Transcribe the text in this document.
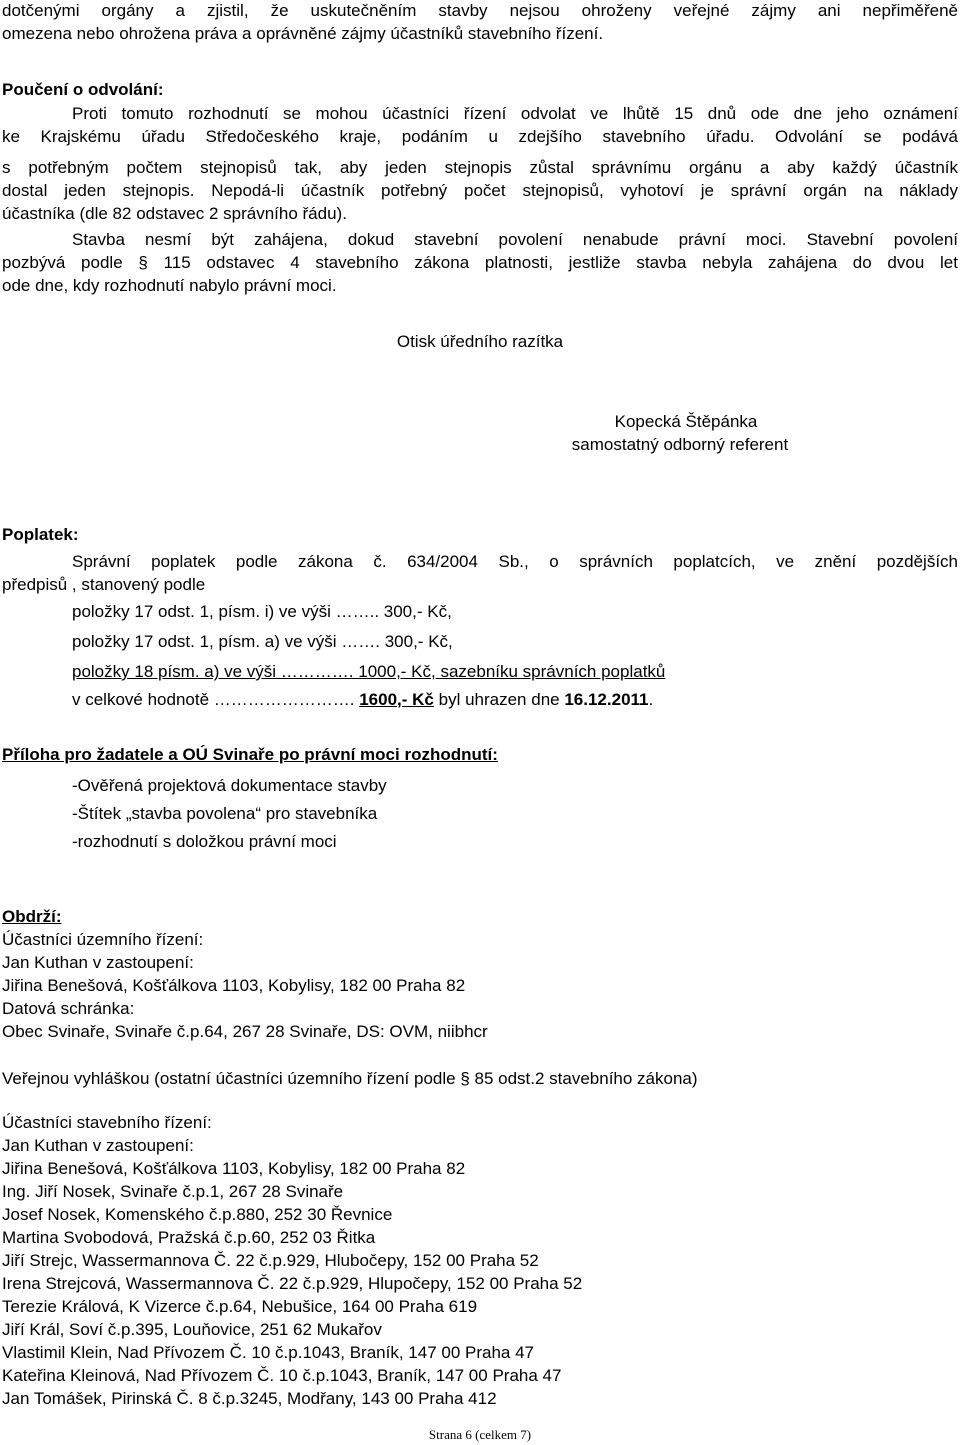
dotčenými orgány a zjistil, že uskutečněním stavby nejsou ohroženy veřejné zájmy ani nepřiměřeně
omezena nebo ohrožena práva a oprávněné zájmy účastníků stavebního řízení.
Poučení o odvolání:
Proti tomuto rozhodnutí se mohou účastníci řízení odvolat ve lhůtě 15 dnů ode dne jeho oznámení
ke Krajskému úřadu Středočeského kraje, podáním u zdejšího stavebního úřadu. Odvolání se podává
s potřebným počtem stejnopisů tak, aby jeden stejnopis zůstal správnímu orgánu a aby každý účastník
dostal jeden stejnopis. Nepodá-li účastník potřebný počet stejnopisů, vyhotoví je správní orgán na náklady
účastníka (dle 82 odstavec 2 správního řádu).
Stavba nesmí být zahájena, dokud stavební povolení nenabude právní moci. Stavební povolení
pozbývá podle § 115 odstavec 4 stavebního zákona platnosti, jestliže stavba nebyla zahájena do dvou let
ode dne, kdy rozhodnutí nabylo právní moci.
Otisk úředního razítka
Kopecká Štěpánka
samostatný odborný referent
Poplatek:
Správní poplatek podle zákona č. 634/2004 Sb., o správních poplatcích, ve znění pozdějších
předpisů , stanovený podle
položky 17 odst. 1, písm. i) ve výši …….. 300,- Kč,
položky 17 odst. 1, písm. a) ve výši ……. 300,- Kč,
položky 18 písm. a) ve výši …………. 1000,- Kč, sazebníku správních poplatků
v celkové hodnotě ……………………. 1600,- Kč byl uhrazen dne 16.12.2011.
Příloha pro žadatele a OÚ Svinaře po právní moci rozhodnutí:
-Ověřená projektová dokumentace stavby
-Štítek „stavba povolena“ pro stavebníka
-rozhodnutí s doložkou právní moci
Obdrží:
Účastníci územního řízení:
Jan Kuthan v zastoupení:
Jiřina Benešová, Košťálkova 1103, Kobylisy, 182 00 Praha 82
Datová schránka:
Obec Svinaře, Svinaře č.p.64, 267 28 Svinaře, DS: OVM, niibhcr
Veřejnou vyhláškou (ostatní účastníci územního řízení podle § 85 odst.2 stavebního zákona)
Účastníci stavebního řízení:
Jan Kuthan v zastoupení:
Jiřina Benešová, Košťálkova 1103, Kobylisy, 182 00 Praha 82
Ing. Jiří Nosek, Svinaře č.p.1, 267 28 Svinaře
Josef Nosek, Komenského č.p.880, 252 30 Řevnice
Martina Svobodová, Pražská č.p.60, 252 03 Řitka
Jiří Strejc, Wassermannova Č. 22 č.p.929, Hlubočepy, 152 00 Praha 52
Irena Strejcová, Wassermannova Č. 22 č.p.929, Hlupočepy, 152 00 Praha 52
Terezie Králová, K Vizerce č.p.64, Nebušice, 164 00 Praha 619
Jiří Král, Soví č.p.395, Louňovice, 251 62 Mukařov
Vlastimil Klein, Nad Přívozem Č. 10 č.p.1043, Braník, 147 00 Praha 47
Kateřina Kleinová, Nad Přívozem Č. 10 č.p.1043, Braník, 147 00 Praha 47
Jan Tomášek, Pirinská Č. 8 č.p.3245, Modřany, 143 00 Praha 412
Strana 6 (celkem 7)
